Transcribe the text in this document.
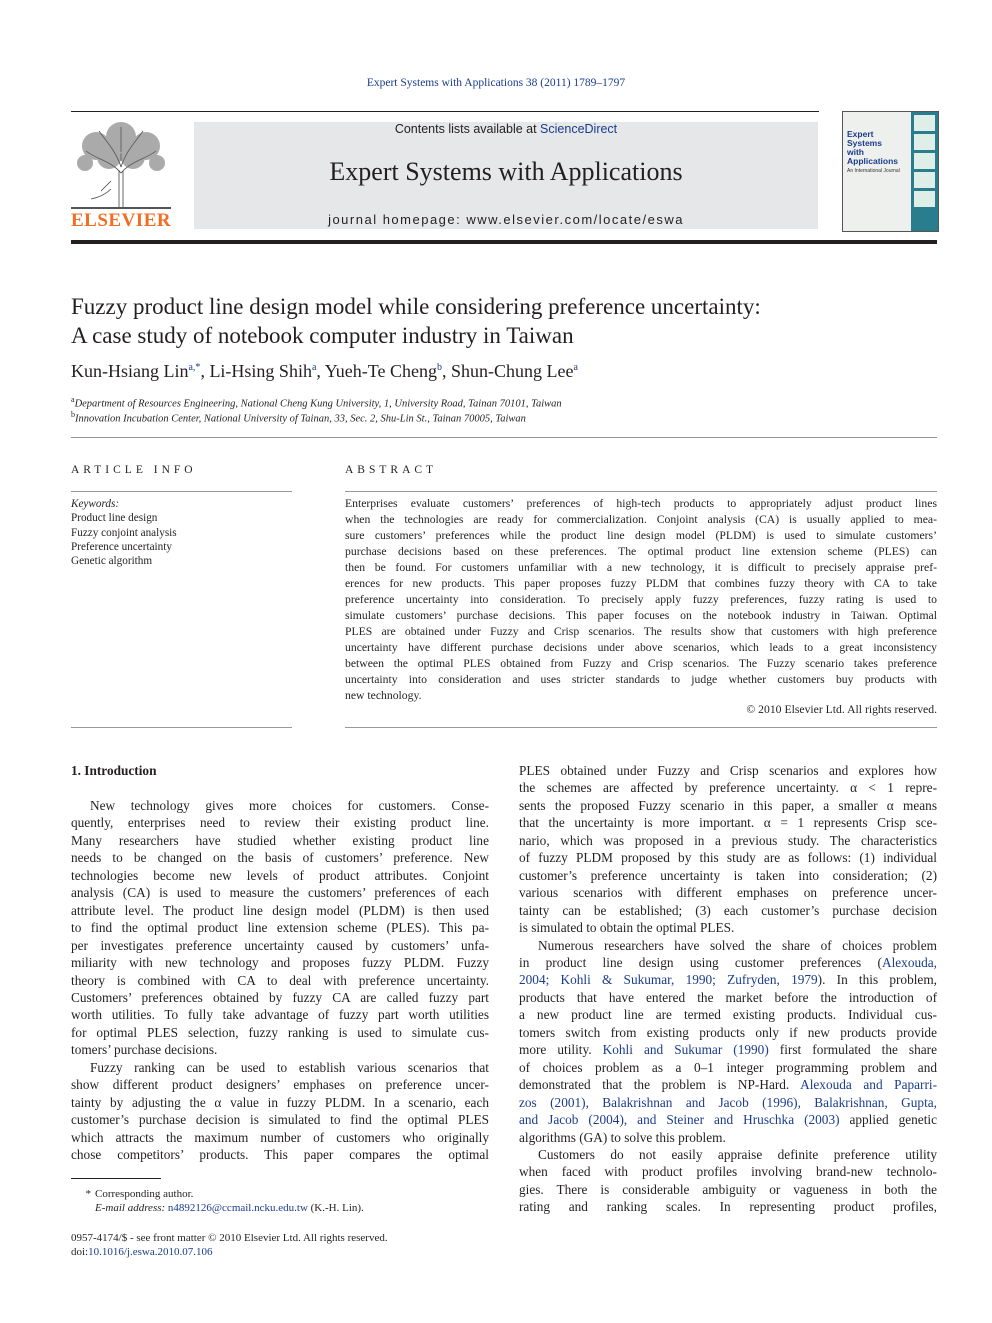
Expert Systems with Applications 38 (2011) 1789–1797
ELSEVIER
Contents lists available at ScienceDirect
Expert Systems with Applications
journal homepage: www.elsevier.com/locate/eswa
Expert
Systems
with
Applications
An International Journal
Fuzzy product line design model while considering preference uncertainty:
A case study of notebook computer industry in Taiwan
Kun-Hsiang Lin$^{a,*}$, Li-Hsing Shih$^a$, Yueh-Te Cheng$^b$, Shun-Chung Lee$^a$
$^a$Department of Resources Engineering, National Cheng Kung University, 1, University Road, Tainan 70101, Taiwan
$^b$Innovation Incubation Center, National University of Tainan, 33, Sec. 2, Shu-Lin St., Tainan 70005, Taiwan
ARTICLE INFO
Keywords:
Product line design
Fuzzy conjoint analysis
Preference uncertainty
Genetic algorithm
ABSTRACT
Enterprises evaluate customers’ preferences of high-tech products to appropriately adjust product lines
when the technologies are ready for commercialization. Conjoint analysis (CA) is usually applied to mea-
sure customers’ preferences while the product line design model (PLDM) is used to simulate customers’
purchase decisions based on these preferences. The optimal product line extension scheme (PLES) can
then be found. For customers unfamiliar with a new technology, it is difficult to precisely appraise pref-
erences for new products. This paper proposes fuzzy PLDM that combines fuzzy theory with CA to take
preference uncertainty into consideration. To precisely apply fuzzy preferences, fuzzy rating is used to
simulate customers’ purchase decisions. This paper focuses on the notebook industry in Taiwan. Optimal
PLES are obtained under Fuzzy and Crisp scenarios. The results show that customers with high preference
uncertainty have different purchase decisions under above scenarios, which leads to a great inconsistency
between the optimal PLES obtained from Fuzzy and Crisp scenarios. The Fuzzy scenario takes preference
uncertainty into consideration and uses stricter standards to judge whether customers buy products with
new technology.
© 2010 Elsevier Ltd. All rights reserved.
1. Introduction
New technology gives more choices for customers. Conse-
quently, enterprises need to review their existing product line.
Many researchers have studied whether existing product line
needs to be changed on the basis of customers’ preference. New
technologies become new levels of product attributes. Conjoint
analysis (CA) is used to measure the customers’ preferences of each
attribute level. The product line design model (PLDM) is then used
to find the optimal product line extension scheme (PLES). This pa-
per investigates preference uncertainty caused by customers’ unfa-
miliarity with new technology and proposes fuzzy PLDM. Fuzzy
theory is combined with CA to deal with preference uncertainty.
Customers’ preferences obtained by fuzzy CA are called fuzzy part
worth utilities. To fully take advantage of fuzzy part worth utilities
for optimal PLES selection, fuzzy ranking is used to simulate cus-
tomers’ purchase decisions.
Fuzzy ranking can be used to establish various scenarios that
show different product designers’ emphases on preference uncer-
tainty by adjusting the α value in fuzzy PLDM. In a scenario, each
customer’s purchase decision is simulated to find the optimal PLES
which attracts the maximum number of customers who originally
chose competitors’ products. This paper compares the optimal
PLES obtained under Fuzzy and Crisp scenarios and explores how
the schemes are affected by preference uncertainty. α < 1 repre-
sents the proposed Fuzzy scenario in this paper, a smaller α means
that the uncertainty is more important. α = 1 represents Crisp sce-
nario, which was proposed in a previous study. The characteristics
of fuzzy PLDM proposed by this study are as follows: (1) individual
customer’s preference uncertainty is taken into consideration; (2)
various scenarios with different emphases on preference uncer-
tainty can be established; (3) each customer’s purchase decision
is simulated to obtain the optimal PLES.
Numerous researchers have solved the share of choices problem
in product line design using customer preferences (Alexouda,
2004; Kohli & Sukumar, 1990; Zufryden, 1979). In this problem,
products that have entered the market before the introduction of
a new product line are termed existing products. Individual cus-
tomers switch from existing products only if new products provide
more utility. Kohli and Sukumar (1990) first formulated the share
of choices problem as a 0–1 integer programming problem and
demonstrated that the problem is NP-Hard. Alexouda and Paparri-
zos (2001), Balakrishnan and Jacob (1996), Balakrishnan, Gupta,
and Jacob (2004), and Steiner and Hruschka (2003) applied genetic
algorithms (GA) to solve this problem.
Customers do not easily appraise definite preference utility
when faced with product profiles involving brand-new technolo-
gies. There is considerable ambiguity or vagueness in both the
rating and ranking scales. In representing product profiles,
* Corresponding author.
E-mail address: n4892126@ccmail.ncku.edu.tw (K.-H. Lin).
0957-4174/$ - see front matter © 2010 Elsevier Ltd. All rights reserved.
doi:10.1016/j.eswa.2010.07.106
